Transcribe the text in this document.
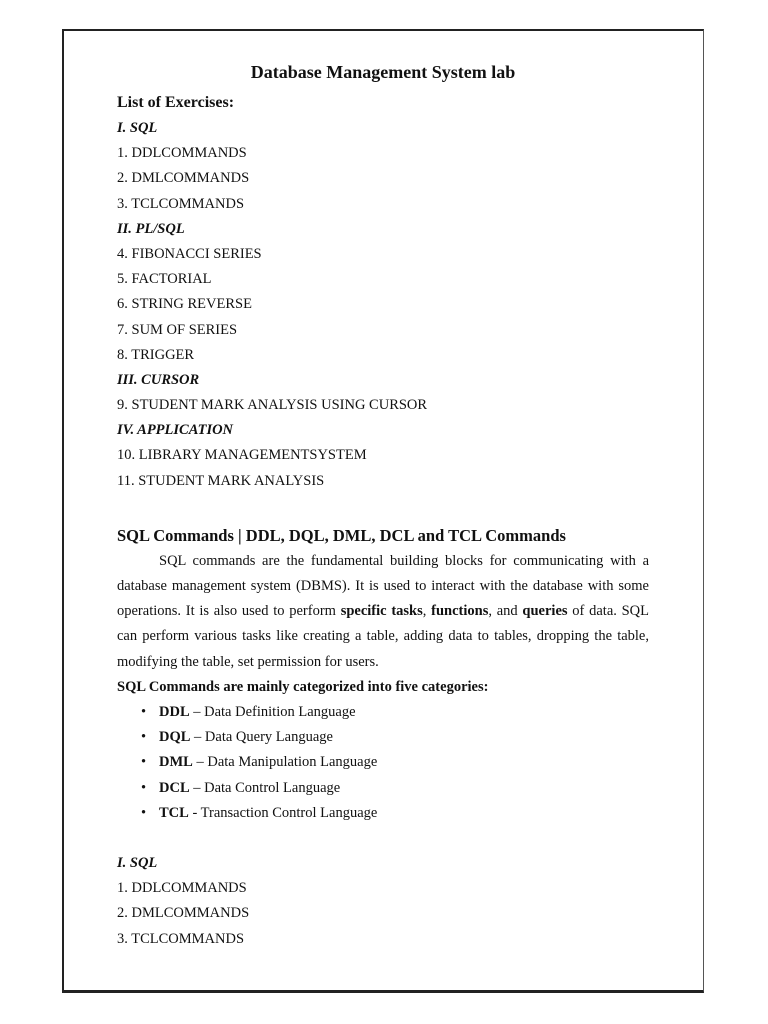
Database Management System lab
List of Exercises:
I. SQL
1. DDLCOMMANDS
2. DMLCOMMANDS
3. TCLCOMMANDS
II. PL/SQL
4. FIBONACCI SERIES
5. FACTORIAL
6. STRING REVERSE
7. SUM OF SERIES
8. TRIGGER
III. CURSOR
9. STUDENT MARK ANALYSIS USING CURSOR
IV. APPLICATION
10. LIBRARY MANAGEMENTSYSTEM
11. STUDENT MARK ANALYSIS
SQL Commands | DDL, DQL, DML, DCL and TCL Commands

SQL commands are the fundamental building blocks for communicating with a database management system (DBMS). It is used to interact with the database with some operations. It is also used to perform specific tasks, functions, and queries of data. SQL can perform various tasks like creating a table, adding data to tables, dropping the table, modifying the table, set permission for users.

SQL Commands are mainly categorized into five categories:
• DDL – Data Definition Language
• DQL – Data Query Language
• DML – Data Manipulation Language
• DCL – Data Control Language
• TCL - Transaction Control Language
I. SQL
1. DDLCOMMANDS
2. DMLCOMMANDS
3. TCLCOMMANDS
